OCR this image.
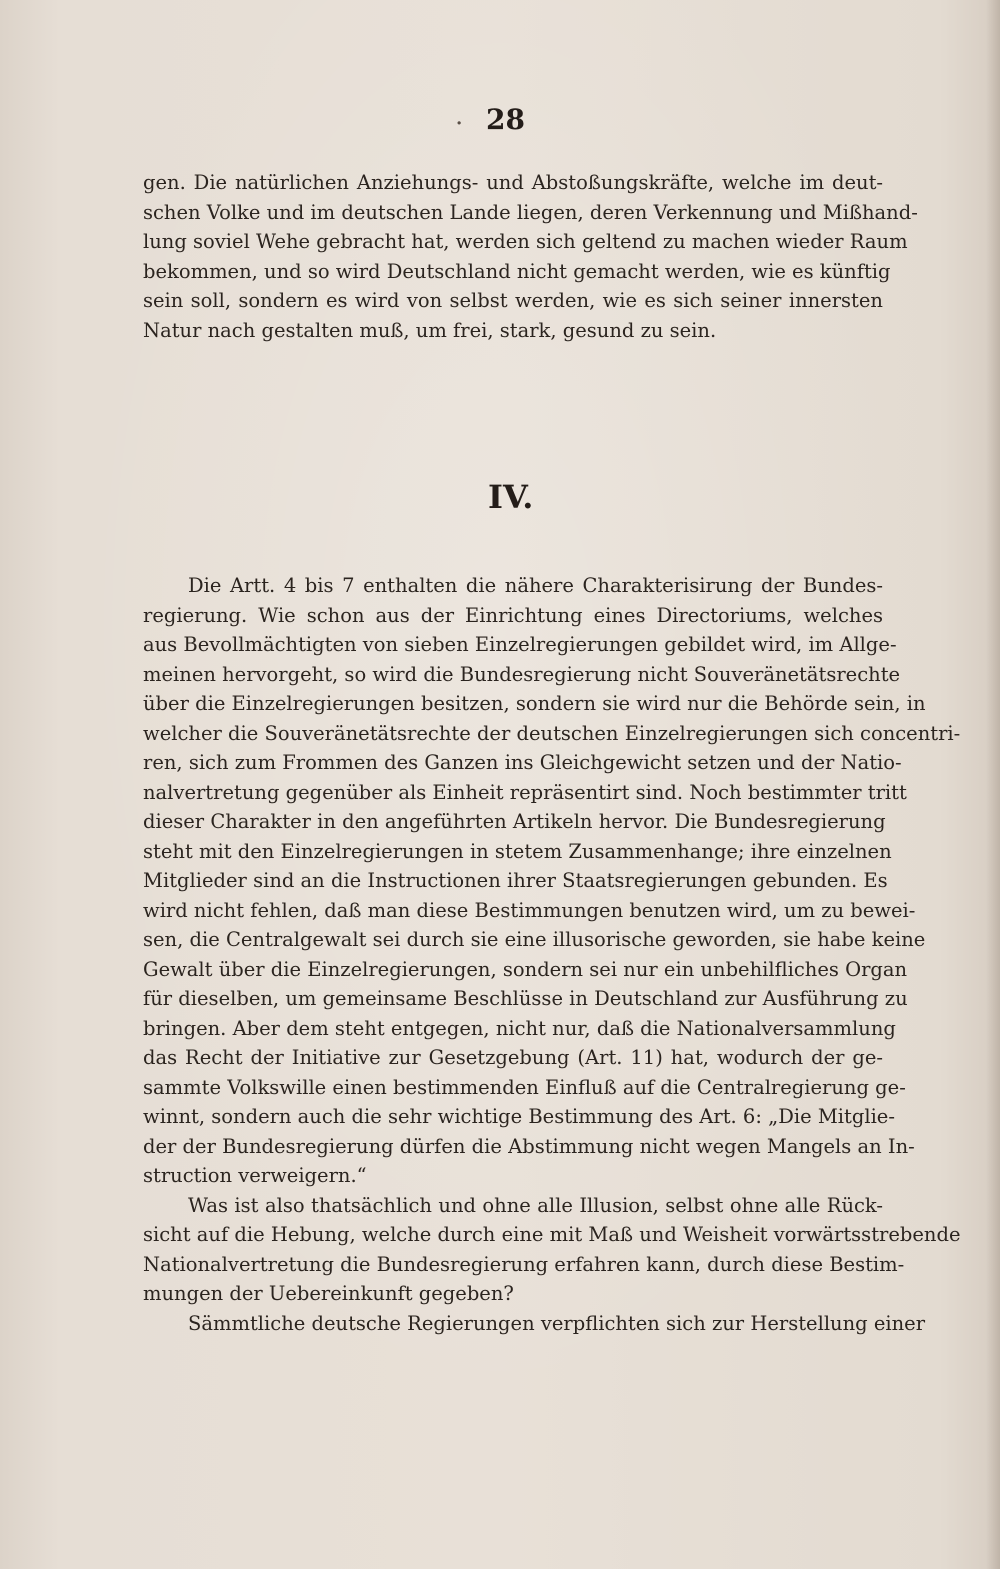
· 28
gen. Die natürlichen Anziehungs- und Abstoßungskräfte, welche im deut-
schen Volke und im deutschen Lande liegen, deren Verkennung und Mißhand-
lung soviel Wehe gebracht hat, werden sich geltend zu machen wieder Raum
bekommen, und so wird Deutschland nicht gemacht werden, wie es künftig
sein soll, sondern es wird von selbst werden, wie es sich seiner innersten
Natur nach gestalten muß, um frei, stark, gesund zu sein.
IV.
Die Artt. 4 bis 7 enthalten die nähere Charakterisirung der Bundes-
regierung. Wie schon aus der Einrichtung eines Directoriums, welches
aus Bevollmächtigten von sieben Einzelregierungen gebildet wird, im Allge-
meinen hervorgeht, so wird die Bundesregierung nicht Souveränetätsrechte
über die Einzelregierungen besitzen, sondern sie wird nur die Behörde sein, in
welcher die Souveränetätsrechte der deutschen Einzelregierungen sich concentri-
ren, sich zum Frommen des Ganzen ins Gleichgewicht setzen und der Natio-
nalvertretung gegenüber als Einheit repräsentirt sind. Noch bestimmter tritt
dieser Charakter in den angeführten Artikeln hervor. Die Bundesregierung
steht mit den Einzelregierungen in stetem Zusammenhange; ihre einzelnen
Mitglieder sind an die Instructionen ihrer Staatsregierungen gebunden. Es
wird nicht fehlen, daß man diese Bestimmungen benutzen wird, um zu bewei-
sen, die Centralgewalt sei durch sie eine illusorische geworden, sie habe keine
Gewalt über die Einzelregierungen, sondern sei nur ein unbehilfliches Organ
für dieselben, um gemeinsame Beschlüsse in Deutschland zur Ausführung zu
bringen. Aber dem steht entgegen, nicht nur, daß die Nationalversammlung
das Recht der Initiative zur Gesetzgebung (Art. 11) hat, wodurch der ge-
sammte Volkswille einen bestimmenden Einfluß auf die Centralregierung ge-
winnt, sondern auch die sehr wichtige Bestimmung des Art. 6: „Die Mitglie-
der der Bundesregierung dürfen die Abstimmung nicht wegen Mangels an In-
struction verweigern.“
Was ist also thatsächlich und ohne alle Illusion, selbst ohne alle Rück-
sicht auf die Hebung, welche durch eine mit Maß und Weisheit vorwärtsstrebende
Nationalvertretung die Bundesregierung erfahren kann, durch diese Bestim-
mungen der Uebereinkunft gegeben?
Sämmtliche deutsche Regierungen verpflichten sich zur Herstellung einer
